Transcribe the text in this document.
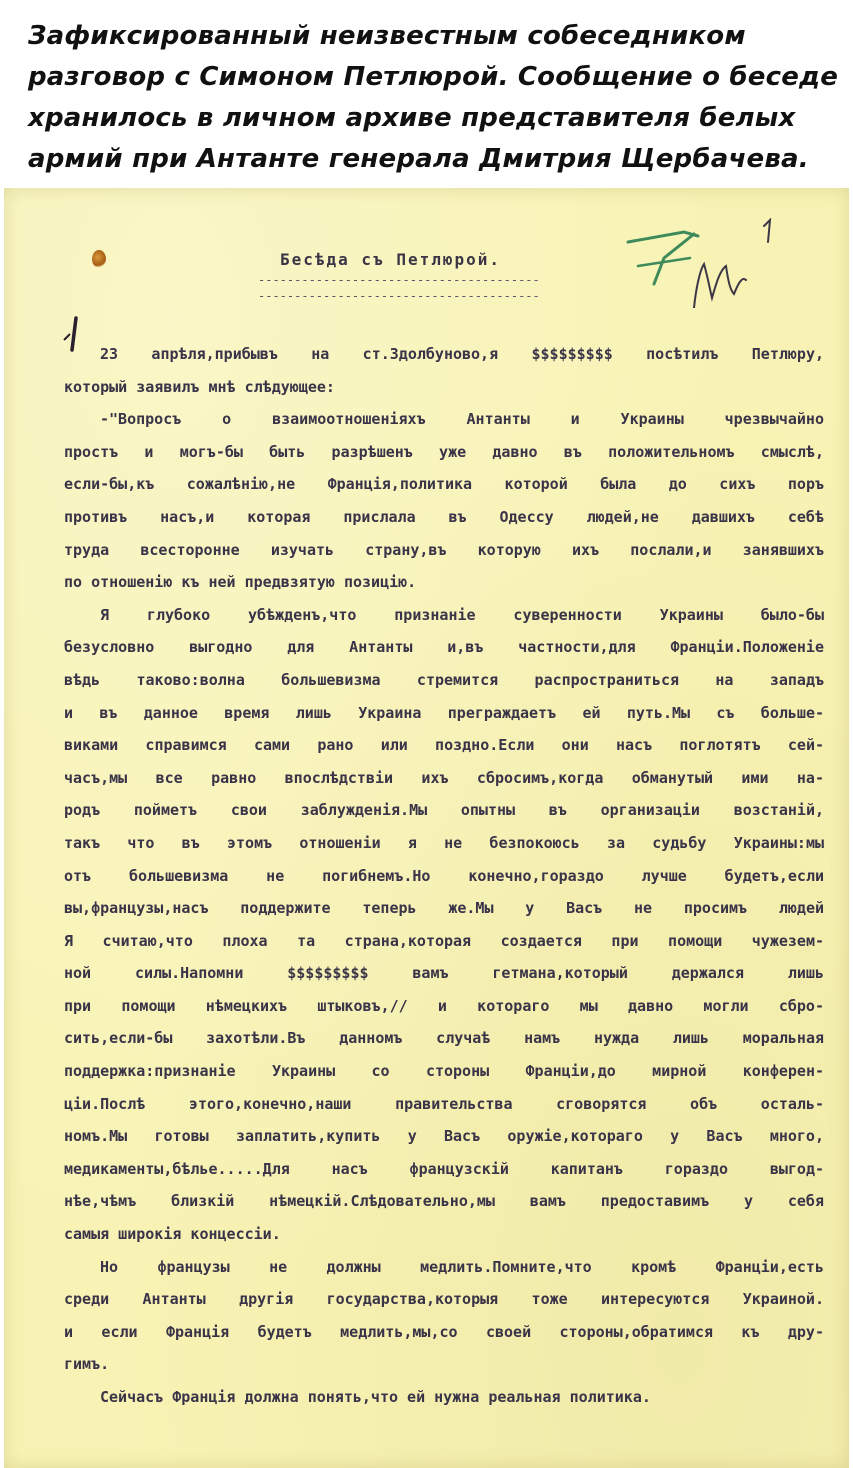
Зафиксированный неизвестным собеседником
разговор с Симоном Петлюрой. Сообщение о беседе
хранилось в личном архиве представителя белых
армий при Антанте генерала Дмитрия Щербачева.
Бесѣда съ Петлюрой.
---------------------------------------
---------------------------------------
23 апрѣля,прибывъ на ст.Здолбуново,я $$$$$$$$$ посѣтилъ Петлюру,
который заявилъ мнѣ слѣдующее:
-"Вопросъ о взаимоотношенiяхъ Антанты и Украины чрезвычайно
простъ и могъ-бы быть разрѣшенъ уже давно въ положительномъ смыслѣ,
если-бы,къ сожалѣнiю,не Францiя,политика которой была до сихъ поръ
противъ насъ,и которая прислала въ Одессу людей,не давшихъ себѣ
труда всесторонне изучать страну,въ которую ихъ послали,и занявшихъ
по отношенiю къ ней предвзятую позицiю.
Я глубоко убѣжденъ,что признанiе суверенности Украины было-бы
безусловно выгодно для Антанты и,въ частности,для Францiи.Положенiе
вѣдь таково:волна большевизма стремится распространиться на западъ
и въ данное время лишь Украина преграждаетъ ей путь.Мы съ больше-
виками справимся сами рано или поздно.Если они насъ поглотятъ сей-
часъ,мы все равно впослѣдствiи ихъ сбросимъ,когда обманутый ими на-
родъ пойметъ свои заблужденiя.Мы опытны въ организацiи возстанiй,
такъ что въ этомъ отношенiи я не безпокоюсь за судьбу Украины:мы
отъ большевизма не погибнемъ.Но конечно,гораздо лучше будетъ,если
вы,французы,насъ поддержите теперь же.Мы у Васъ не просимъ людей
Я считаю,что плоха та страна,которая создается при помощи чужезем-
ной силы.Напомни $$$$$$$$$ вамъ гетмана,который держался лишь
при помощи нѣмецкихъ штыковъ,// и котораго мы давно могли сбро-
сить,если-бы захотѣли.Въ данномъ случаѣ намъ нужда лишь моральная
поддержка:признанiе Украины со стороны Францiи,до мирной конферен-
цiи.Послѣ этого,конечно,наши правительства сговорятся объ осталь-
номъ.Мы готовы заплатить,купить у Васъ оружiе,котораго у Васъ много,
медикаменты,бѣлье.....Для насъ французскiй капитанъ гораздо выгод-
нѣе,чѣмъ близкiй нѣмецкiй.Слѣдовательно,мы вамъ предоставимъ у себя
самыя широкiя концессiи.
Но французы не должны медлить.Помните,что кромѣ Францiи,есть
среди Антанты другiя государства,которыя тоже интересуются Украиной.
и если Францiя будетъ медлить,мы,со своей стороны,обратимся къ дру-
гимъ.
Сейчасъ Францiя должна понять,что ей нужна реальная политика.
